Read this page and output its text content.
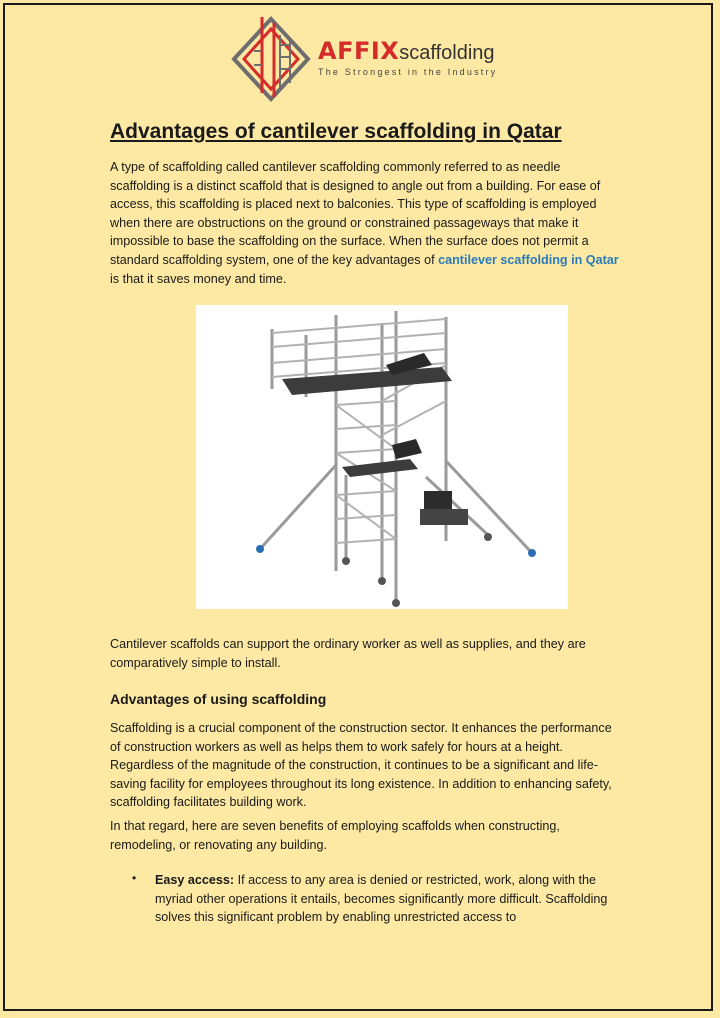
AFFIXscaffolding
The Strongest in the Industry
Advantages of cantilever scaffolding in Qatar

A type of scaffolding called cantilever scaffolding commonly referred to as needle scaffolding is a distinct scaffold that is designed to angle out from a building. For ease of access, this scaffolding is placed next to balconies. This type of scaffolding is employed when there are obstructions on the ground or constrained passageways that make it impossible to base the scaffolding on the surface. When the surface does not permit a standard scaffolding system, one of the key advantages of cantilever scaffolding in Qatar is that it saves money and time.

Cantilever scaffolds can support the ordinary worker as well as supplies, and they are comparatively simple to install.

Advantages of using scaffolding

Scaffolding is a crucial component of the construction sector. It enhances the performance of construction workers as well as helps them to work safely for hours at a height. Regardless of the magnitude of the construction, it continues to be a significant and life-saving facility for employees throughout its long existence. In addition to enhancing safety, scaffolding facilitates building work.

In that regard, here are seven benefits of employing scaffolds when constructing, remodeling, or renovating any building.

• Easy access: If access to any area is denied or restricted, work, along with the myriad other operations it entails, becomes significantly more difficult. Scaffolding solves this significant problem by enabling unrestricted access to
